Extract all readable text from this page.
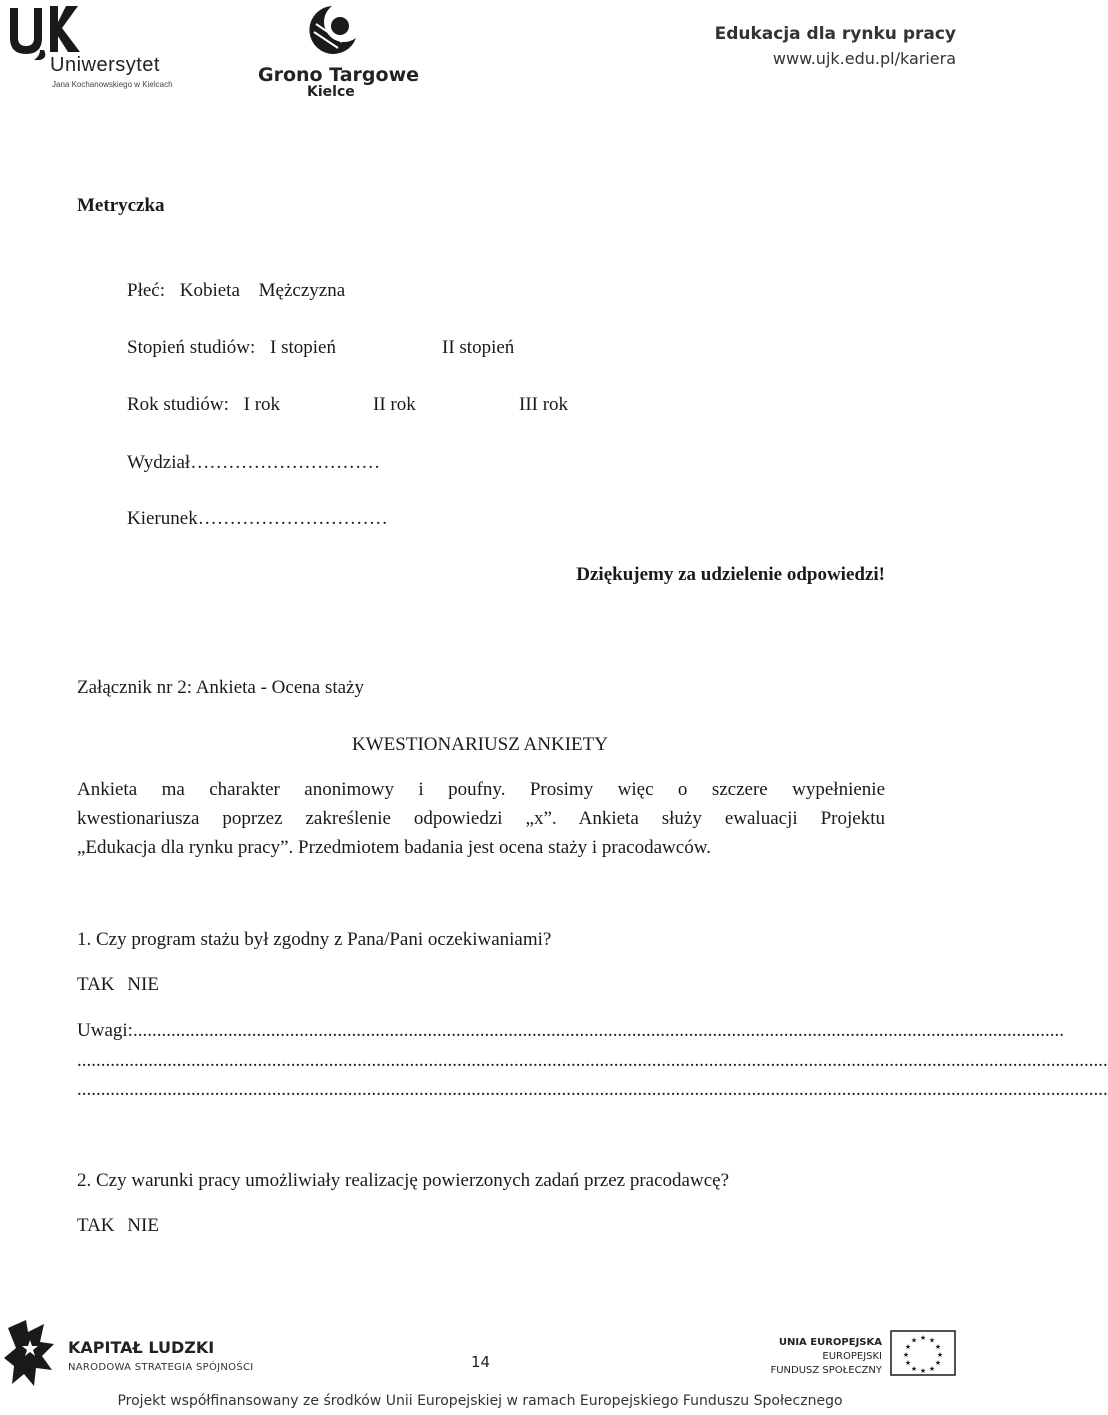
Uniwersytet
Jana Kochanowskiego w Kielcach	Grono Targowe
Kielce
Edukacja dla rynku pracy
www.ujk.edu.pl/kariera
Metryczka
Płeć: Kobieta Mężczyzna
Stopień studiów: I stopień	II stopień
Rok studiów: I rok	II rok	III rok
Wydział…………………………
Kierunek…………………………
Dziękujemy za udzielenie odpowiedzi!
Załącznik nr 2: Ankieta - Ocena staży
KWESTIONARIUSZ ANKIETY
Ankieta ma charakter anonimowy i poufny. Prosimy więc o szczere wypełnienie
kwestionariusza poprzez zakreślenie odpowiedzi „x”. Ankieta służy ewaluacji Projektu
„Edukacja dla rynku pracy”. Przedmiotem badania jest ocena staży i pracodawców.
1. Czy program stażu był zgodny z Pana/Pani oczekiwaniami?
TAK NIE
Uwagi:....................................................................................................................................................................................................
.........................................................................................................................................................................................................................
.........................................................................................................................................................................................................................
2. Czy warunki pracy umożliwiały realizację powierzonych zadań przez pracodawcę?
TAK NIE
KAPITAŁ LUDZKI
NARODOWA STRATEGIA SPÓJNOŚCI	14
UNIA EUROPEJSKA
EUROPEJSKI
FUNDUSZ SPOŁECZNY
★ ★
★
★
★
★
★
★
★
★
★
★
Projekt współfinansowany ze środków Unii Europejskiej w ramach Europejskiego Funduszu Społecznego
